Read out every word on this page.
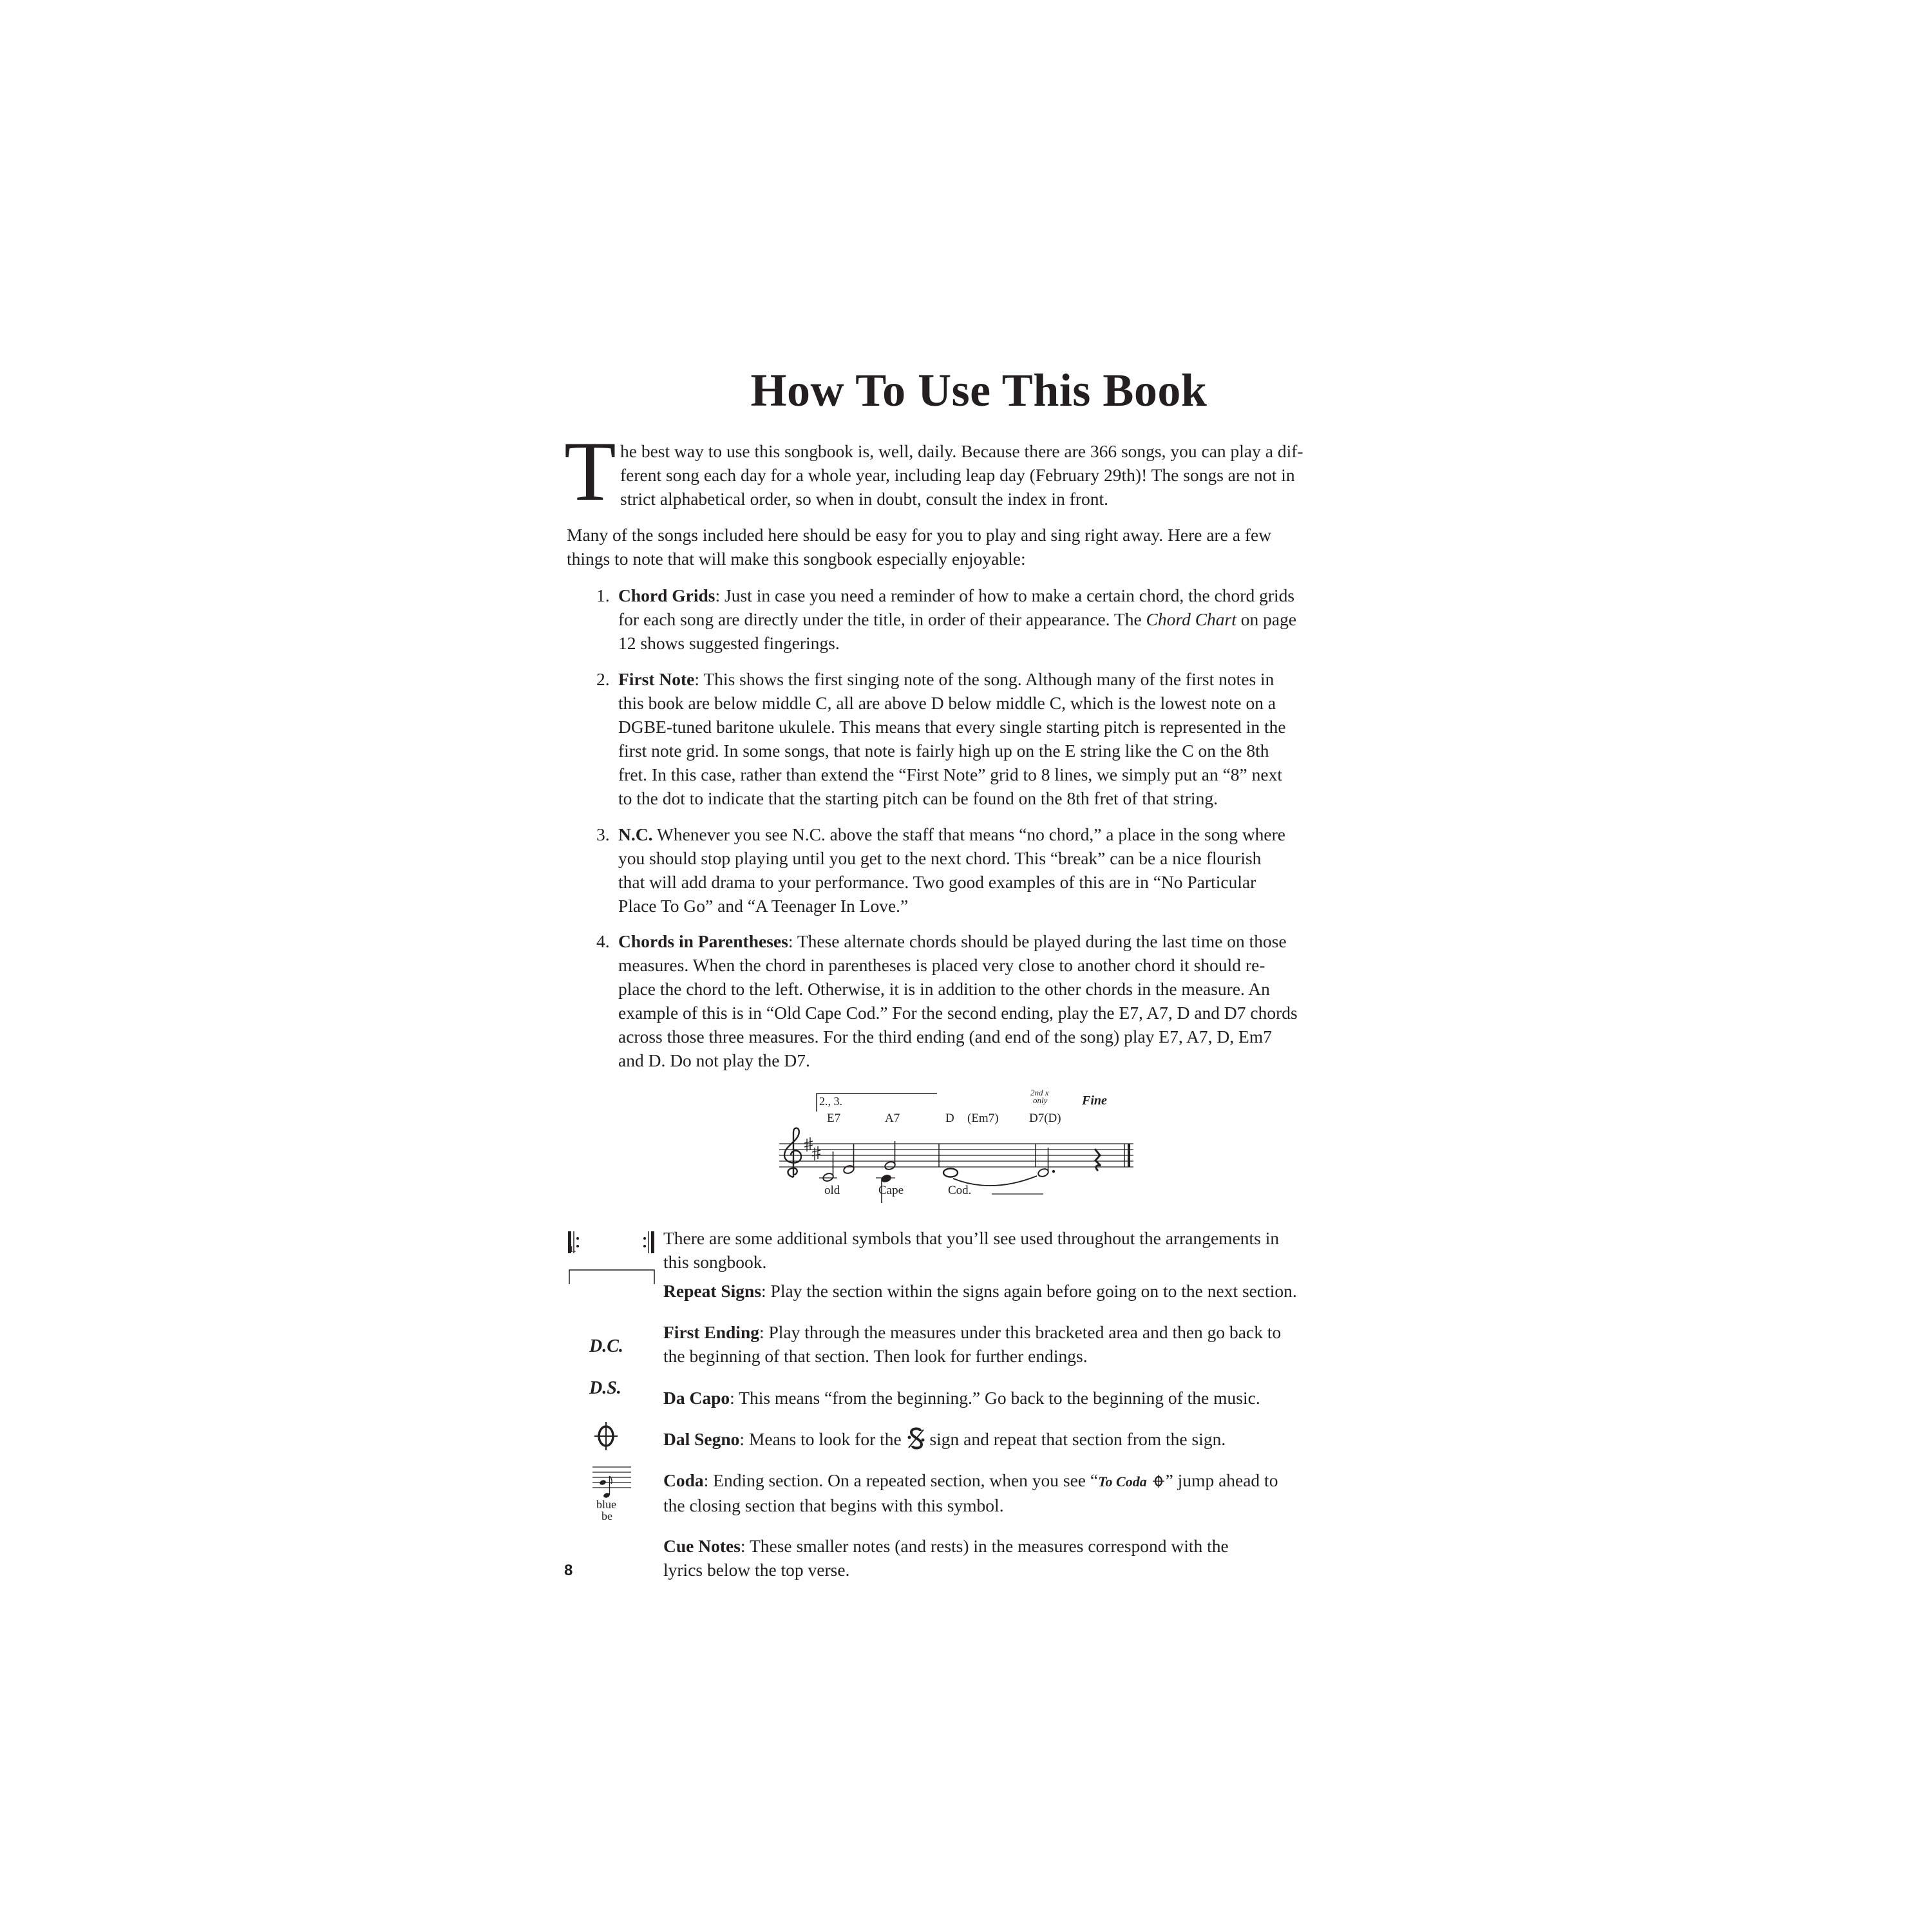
How To Use This Book
T he best way to use this songbook is, well, daily. Because there are 366 songs, you can play a dif-
ferent song each day for a whole year, including leap day (February 29th)! The songs are not in
strict alphabetical order, so when in doubt, consult the index in front.
Many of the songs included here should be easy for you to play and sing right away. Here are a few
things to note that will make this songbook especially enjoyable:
1. Chord Grids: Just in case you need a reminder of how to make a certain chord, the chord grids
for each song are directly under the title, in order of their appearance. The Chord Chart on page
12 shows suggested fingerings.
2. First Note: This shows the first singing note of the song. Although many of the first notes in
this book are below middle C, all are above D below middle C, which is the lowest note on a
DGBE-tuned baritone ukulele. This means that every single starting pitch is represented in the
first note grid. In some songs, that note is fairly high up on the E string like the C on the 8th
fret. In this case, rather than extend the “First Note” grid to 8 lines, we simply put an “8” next
to the dot to indicate that the starting pitch can be found on the 8th fret of that string.
3. N.C. Whenever you see N.C. above the staff that means “no chord,” a place in the song where
you should stop playing until you get to the next chord. This “break” can be a nice flourish
that will add drama to your performance. Two good examples of this are in “No Particular
Place To Go” and “A Teenager In Love.”
4. Chords in Parentheses: These alternate chords should be played during the last time on those
measures. When the chord in parentheses is placed very close to another chord it should re-
place the chord to the left. Otherwise, it is in addition to the other chords in the measure. An
example of this is in “Old Cape Cod.” For the second ending, play the E7, A7, D and D7 chords
across those three measures. For the third ending (and end of the song) play E7, A7, D, Em7
and D. Do not play the D7.
2., 3.
E7	A7	D (Em7) D7(D)
2nd x
only	Fine
old	Cape	Cod.
1.
D.C.
D.S.
blue
be
There are some additional symbols that you’ll see used throughout the arrangements in
this songbook.
Repeat Signs: Play the section within the signs again before going on to the next section.
First Ending: Play through the measures under this bracketed area and then go back to
the beginning of that section. Then look for further endings.
Da Capo: This means “from the beginning.” Go back to the beginning of the music.
Dal Segno: Means to look for the  sign and repeat that section from the sign.
Coda: Ending section. On a repeated section, when you see “To Coda ” jump ahead to
the closing section that begins with this symbol.
Cue Notes: These smaller notes (and rests) in the measures correspond with the
lyrics below the top verse.
8
